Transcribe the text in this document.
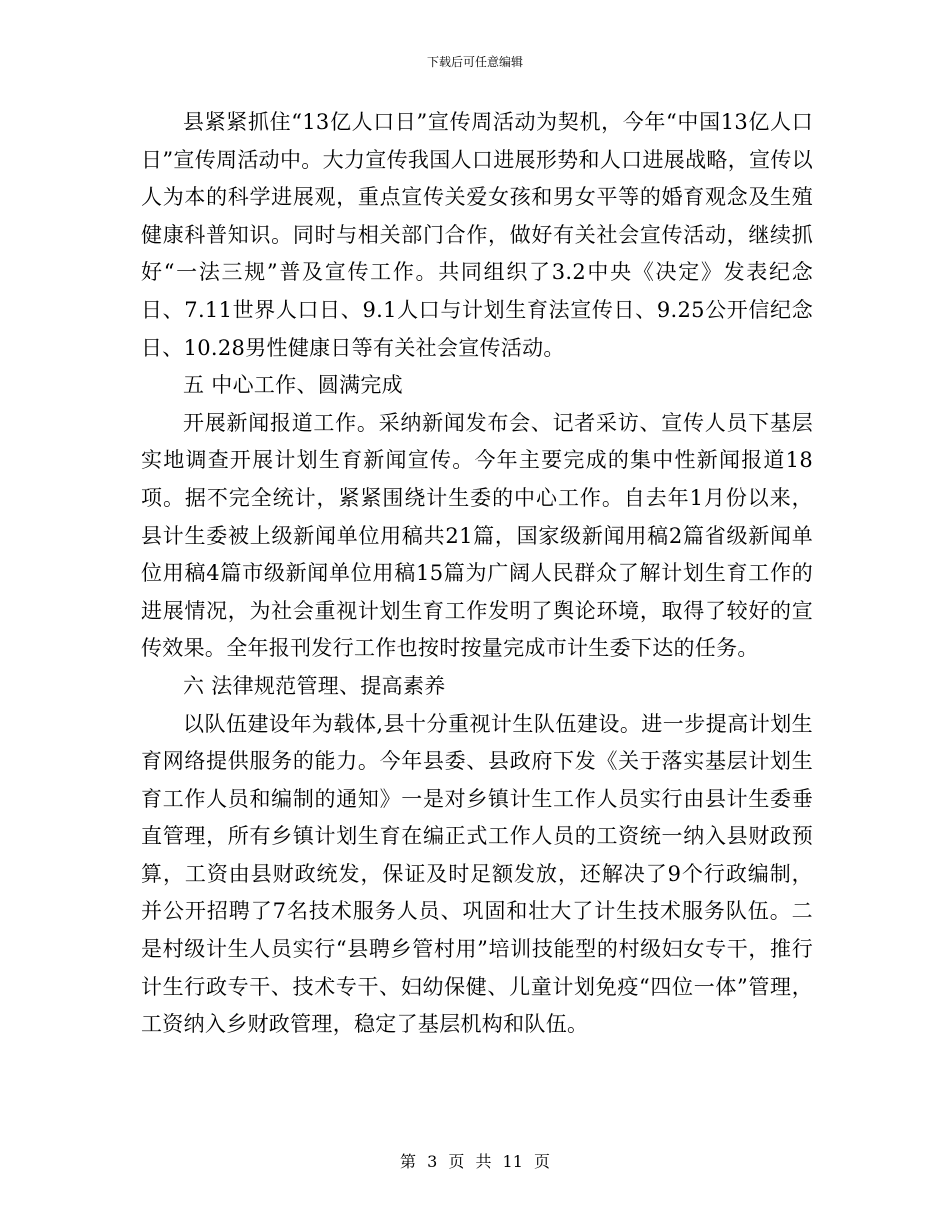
下载后可任意编辑

县紧紧抓住“13亿人口日”宣传周活动为契机，今年“中国13亿人口日”宣传周活动中。大力宣传我国人口进展形势和人口进展战略，宣传以人为本的科学进展观，重点宣传关爱女孩和男女平等的婚育观念及生殖健康科普知识。同时与相关部门合作，做好有关社会宣传活动，继续抓好“一法三规”普及宣传工作。共同组织了3.2中央《决定》发表纪念日、7.11世界人口日、9.1人口与计划生育法宣传日、9.25公开信纪念日、10.28男性健康日等有关社会宣传活动。

五 中心工作、圆满完成

开展新闻报道工作。采纳新闻发布会、记者采访、宣传人员下基层实地调查开展计划生育新闻宣传。今年主要完成的集中性新闻报道18项。据不完全统计，紧紧围绕计生委的中心工作。自去年1月份以来，县计生委被上级新闻单位用稿共21篇，国家级新闻用稿2篇省级新闻单位用稿4篇市级新闻单位用稿15篇为广阔人民群众了解计划生育工作的进展情况，为社会重视计划生育工作发明了舆论环境，取得了较好的宣传效果。全年报刊发行工作也按时按量完成市计生委下达的任务。

六 法律规范管理、提高素养

以队伍建设年为载体,县十分重视计生队伍建设。进一步提高计划生育网络提供服务的能力。今年县委、县政府下发《关于落实基层计划生育工作人员和编制的通知》一是对乡镇计生工作人员实行由县计生委垂直管理，所有乡镇计划生育在编正式工作人员的工资统一纳入县财政预算，工资由县财政统发，保证及时足额发放，还解决了9个行政编制，并公开招聘了7名技术服务人员、巩固和壮大了计生技术服务队伍。二是村级计生人员实行“县聘乡管村用”培训技能型的村级妇女专干，推行计生行政专干、技术专干、妇幼保健、儿童计划免疫“四位一体”管理，工资纳入乡财政管理，稳定了基层机构和队伍。

第 3 页 共 11 页
